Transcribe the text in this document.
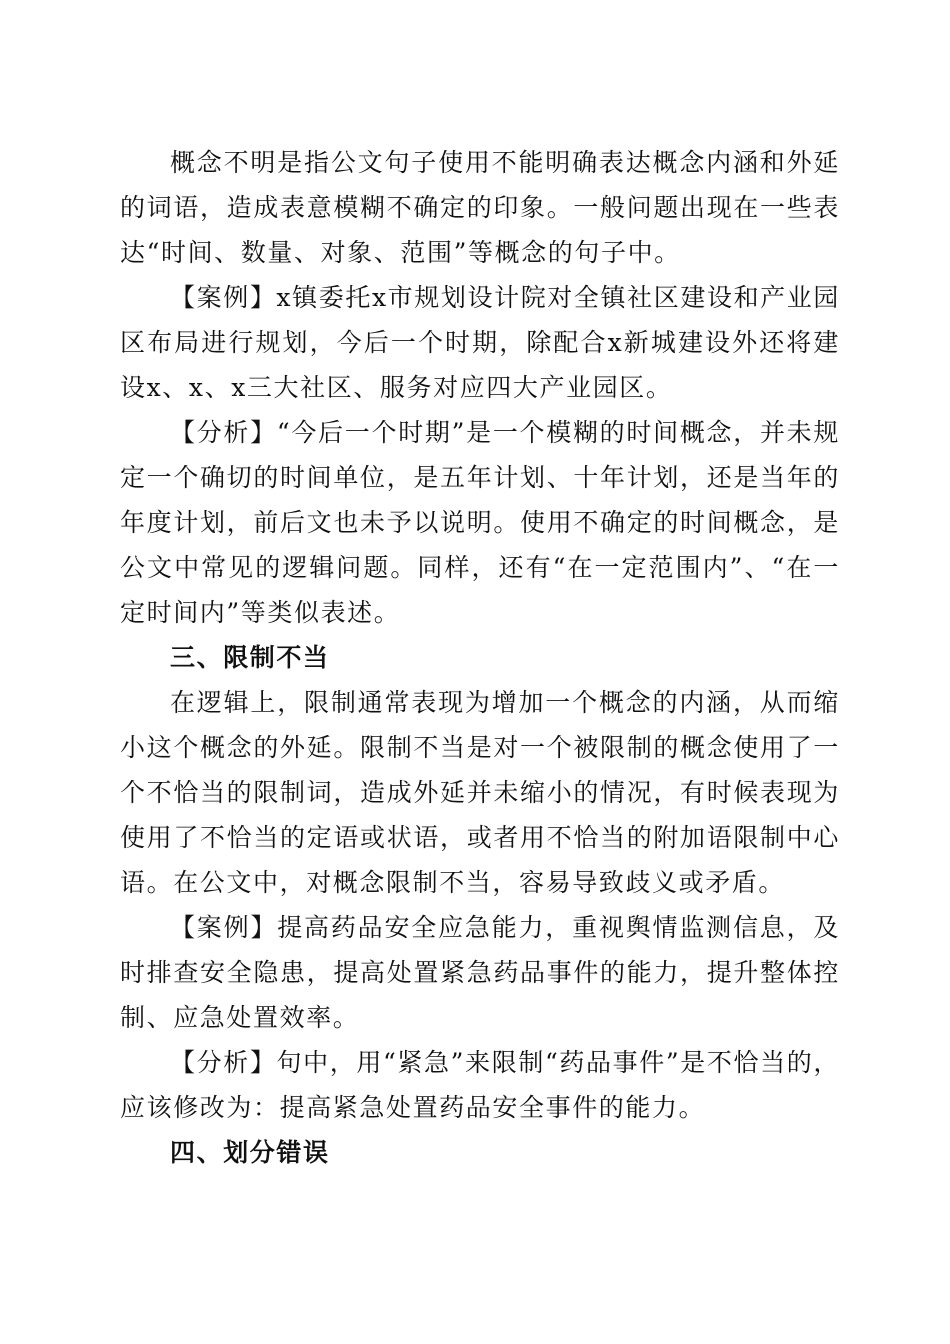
概念不明是指公文句子使用不能明确表达概念内涵和外延的词语，造成表意模糊不确定的印象。一般问题出现在一些表达“时间、数量、对象、范围”等概念的句子中。

【案例】x镇委托x市规划设计院对全镇社区建设和产业园区布局进行规划，今后一个时期，除配合x新城建设外还将建设x、x、x三大社区、服务对应四大产业园区。

【分析】“今后一个时期”是一个模糊的时间概念，并未规定一个确切的时间单位，是五年计划、十年计划，还是当年的年度计划，前后文也未予以说明。使用不确定的时间概念，是公文中常见的逻辑问题。同样，还有“在一定范围内”、“在一定时间内”等类似表述。

三、限制不当

在逻辑上，限制通常表现为增加一个概念的内涵，从而缩小这个概念的外延。限制不当是对一个被限制的概念使用了一个不恰当的限制词，造成外延并未缩小的情况，有时候表现为使用了不恰当的定语或状语，或者用不恰当的附加语限制中心语。在公文中，对概念限制不当，容易导致歧义或矛盾。

【案例】提高药品安全应急能力，重视舆情监测信息，及时排查安全隐患，提高处置紧急药品事件的能力，提升整体控制、应急处置效率。

【分析】句中，用“紧急”来限制“药品事件”是不恰当的，应该修改为：提高紧急处置药品安全事件的能力。

四、划分错误
